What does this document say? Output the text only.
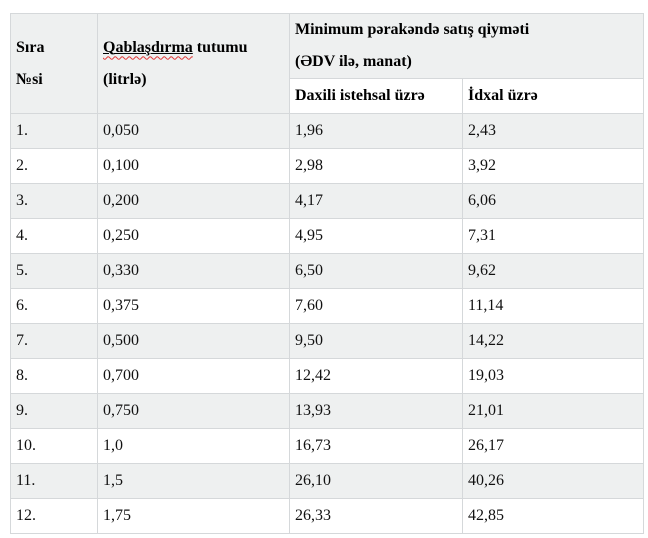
Sıra
№si

Qablaşdırma tutumu
(litrlə)

Minimum pərakəndə satış qiyməti
(ƏDV ilə, manat)

		Daxili istehsal üzrə	İdxal üzrə
1.	0,050	1,96	2,43
2.	0,100	2,98	3,92
3.	0,200	4,17	6,06
4.	0,250	4,95	7,31
5.	0,330	6,50	9,62
6.	0,375	7,60	11,14
7.	0,500	9,50	14,22
8.	0,700	12,42	19,03
9.	0,750	13,93	21,01
10.	1,0	16,73	26,17
11.	1,5	26,10	40,26
12.	1,75	26,33	42,85
